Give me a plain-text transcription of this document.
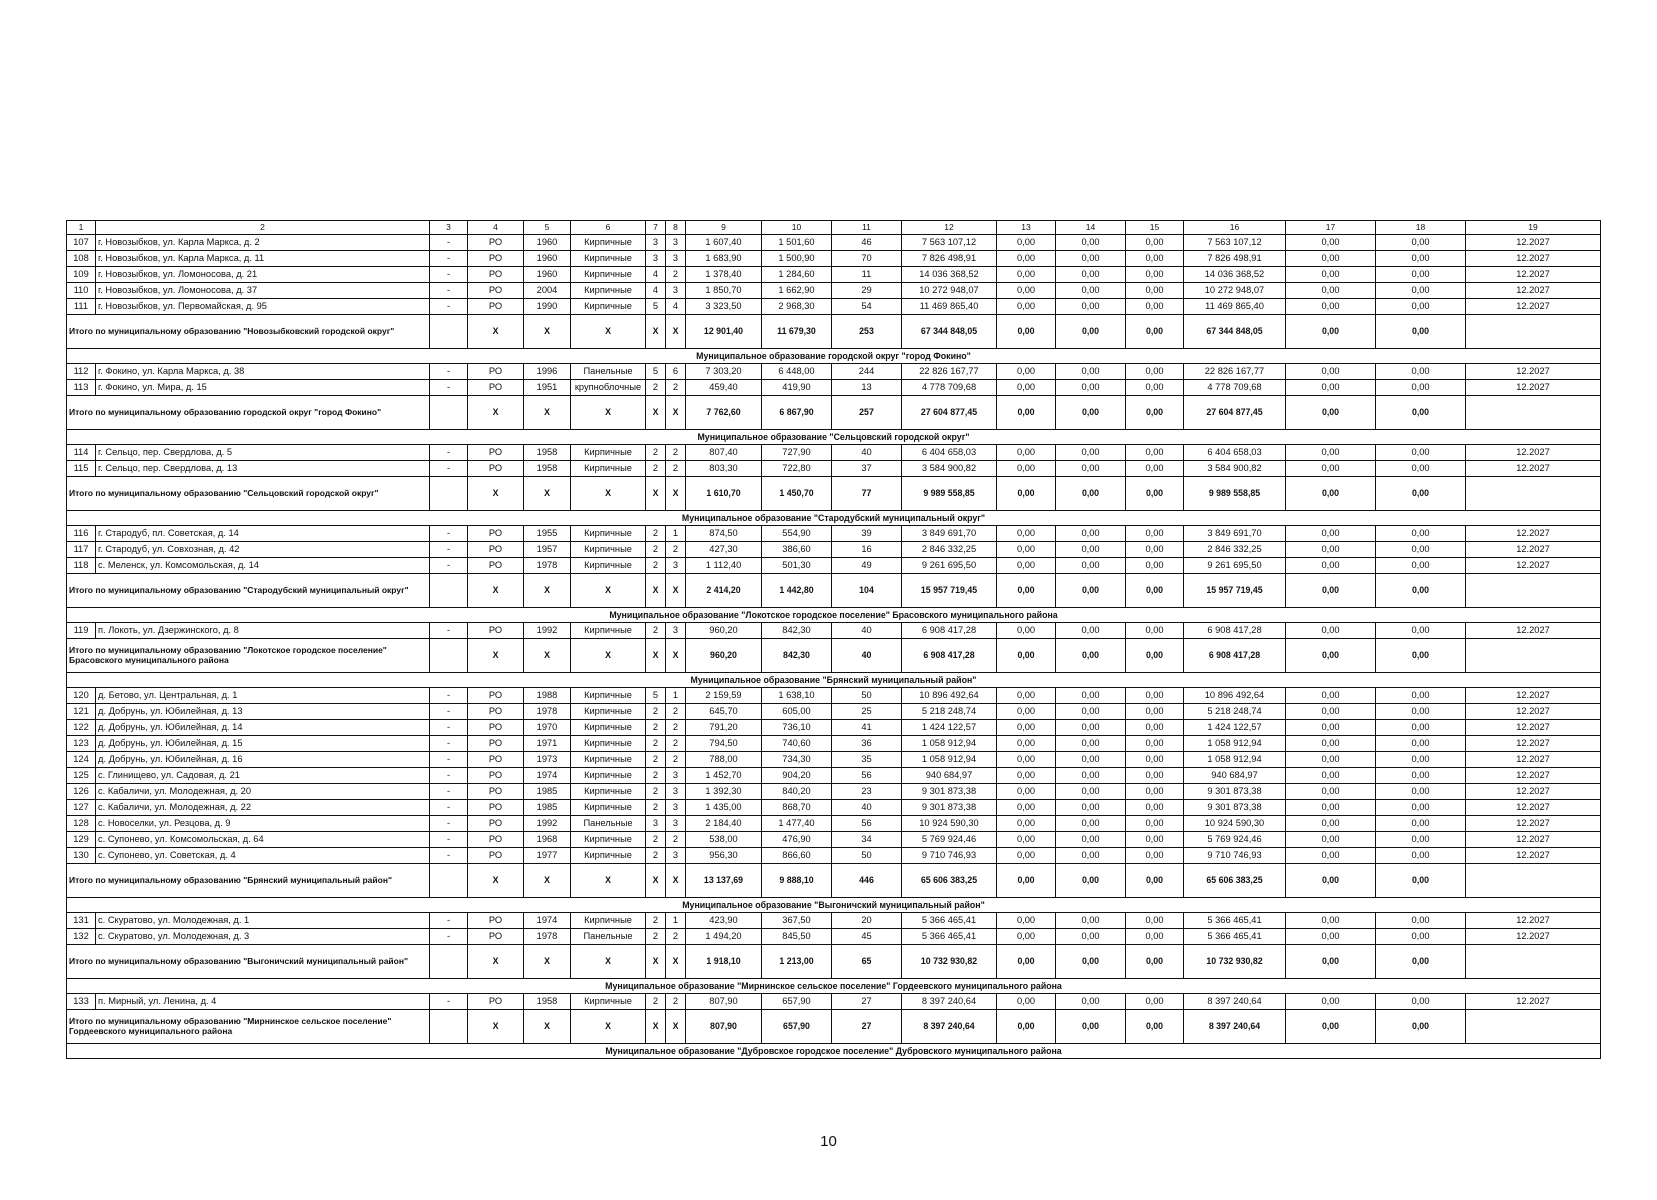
1	2	3	4	5	6	7	8	9	10	11	12	13	14	15	16	17	18	19
107	г. Новозыбков, ул. Карла Маркса, д. 2	-	РО	1960	Кирпичные	3	3	1 607,40	1 501,60	46	7 563 107,12	0,00	0,00	0,00	7 563 107,12	0,00	0,00	12.2027
108	г. Новозыбков, ул. Карла Маркса, д. 11	-	РО	1960	Кирпичные	3	3	1 683,90	1 500,90	70	7 826 498,91	0,00	0,00	0,00	7 826 498,91	0,00	0,00	12.2027
109	г. Новозыбков, ул. Ломоносова, д. 21	-	РО	1960	Кирпичные	4	2	1 378,40	1 284,60	11	14 036 368,52	0,00	0,00	0,00	14 036 368,52	0,00	0,00	12.2027
110	г. Новозыбков, ул. Ломоносова, д. 37	-	РО	2004	Кирпичные	4	3	1 850,70	1 662,90	29	10 272 948,07	0,00	0,00	0,00	10 272 948,07	0,00	0,00	12.2027
111	г. Новозыбков, ул. Первомайская, д. 95	-	РО	1990	Кирпичные	5	4	3 323,50	2 968,30	54	11 469 865,40	0,00	0,00	0,00	11 469 865,40	0,00	0,00	12.2027
Итого по муниципальному образованию "Новозыбковский городской округ"			X	X	X	X	X	12 901,40	11 679,30	253	67 344 848,05	0,00	0,00	0,00	67 344 848,05	0,00	0,00	
Муниципальное образование городской округ "город Фокино"																		
112	г. Фокино, ул. Карла Маркса, д. 38	-	РО	1996	Панельные	5	6	7 303,20	6 448,00	244	22 826 167,77	0,00	0,00	0,00	22 826 167,77	0,00	0,00	12.2027
113	г. Фокино, ул. Мира, д. 15	-	РО	1951	крупноблочные	2	2	459,40	419,90	13	4 778 709,68	0,00	0,00	0,00	4 778 709,68	0,00	0,00	12.2027
Итого по муниципальному образованию городской округ "город Фокино"			X	X	X	X	X	7 762,60	6 867,90	257	27 604 877,45	0,00	0,00	0,00	27 604 877,45	0,00	0,00	
Муниципальное образование "Сельцовский городской округ"																		
114	г. Сельцо, пер. Свердлова, д. 5	-	РО	1958	Кирпичные	2	2	807,40	727,90	40	6 404 658,03	0,00	0,00	0,00	6 404 658,03	0,00	0,00	12.2027
115	г. Сельцо, пер. Свердлова, д. 13	-	РО	1958	Кирпичные	2	2	803,30	722,80	37	3 584 900,82	0,00	0,00	0,00	3 584 900,82	0,00	0,00	12.2027
Итого по муниципальному образованию "Сельцовский городской округ"			X	X	X	X	X	1 610,70	1 450,70	77	9 989 558,85	0,00	0,00	0,00	9 989 558,85	0,00	0,00	
Муниципальное образование "Стародубский муниципальный округ"																		
116	г. Стародуб, пл. Советская, д. 14	-	РО	1955	Кирпичные	2	1	874,50	554,90	39	3 849 691,70	0,00	0,00	0,00	3 849 691,70	0,00	0,00	12.2027
117	г. Стародуб, ул. Совхозная, д. 42	-	РО	1957	Кирпичные	2	2	427,30	386,60	16	2 846 332,25	0,00	0,00	0,00	2 846 332,25	0,00	0,00	12.2027
118	с. Меленск, ул. Комсомольская, д. 14	-	РО	1978	Кирпичные	2	3	1 112,40	501,30	49	9 261 695,50	0,00	0,00	0,00	9 261 695,50	0,00	0,00	12.2027
Итого по муниципальному образованию "Стародубский муниципальный округ"			X	X	X	X	X	2 414,20	1 442,80	104	15 957 719,45	0,00	0,00	0,00	15 957 719,45	0,00	0,00	
Муниципальное образование "Локотское городское поселение" Брасовского муниципального района																		
119	п. Локоть, ул. Дзержинского, д. 8	-	РО	1992	Кирпичные	2	3	960,20	842,30	40	6 908 417,28	0,00	0,00	0,00	6 908 417,28	0,00	0,00	12.2027
Итого по муниципальному образованию "Локотское городское поселение" Брасовского муниципального района			X	X	X	X	X	960,20	842,30	40	6 908 417,28	0,00	0,00	0,00	6 908 417,28	0,00	0,00	
Муниципальное образование "Брянский муниципальный район"																		
120	д. Бетово, ул. Центральная, д. 1	-	РО	1988	Кирпичные	5	1	2 159,59	1 638,10	50	10 896 492,64	0,00	0,00	0,00	10 896 492,64	0,00	0,00	12.2027
121	д. Добрунь, ул. Юбилейная, д. 13	-	РО	1978	Кирпичные	2	2	645,70	605,00	25	5 218 248,74	0,00	0,00	0,00	5 218 248,74	0,00	0,00	12.2027
122	д. Добрунь, ул. Юбилейная, д. 14	-	РО	1970	Кирпичные	2	2	791,20	736,10	41	1 424 122,57	0,00	0,00	0,00	1 424 122,57	0,00	0,00	12.2027
123	д. Добрунь, ул. Юбилейная, д. 15	-	РО	1971	Кирпичные	2	2	794,50	740,60	36	1 058 912,94	0,00	0,00	0,00	1 058 912,94	0,00	0,00	12.2027
124	д. Добрунь, ул. Юбилейная, д. 16	-	РО	1973	Кирпичные	2	2	788,00	734,30	35	1 058 912,94	0,00	0,00	0,00	1 058 912,94	0,00	0,00	12.2027
125	с. Глинищево, ул. Садовая, д. 21	-	РО	1974	Кирпичные	2	3	1 452,70	904,20	56	940 684,97	0,00	0,00	0,00	940 684,97	0,00	0,00	12.2027
126	с. Кабаличи, ул. Молодежная, д. 20	-	РО	1985	Кирпичные	2	3	1 392,30	840,20	23	9 301 873,38	0,00	0,00	0,00	9 301 873,38	0,00	0,00	12.2027
127	с. Кабаличи, ул. Молодежная, д. 22	-	РО	1985	Кирпичные	2	3	1 435,00	868,70	40	9 301 873,38	0,00	0,00	0,00	9 301 873,38	0,00	0,00	12.2027
128	с. Новоселки, ул. Резцова, д. 9	-	РО	1992	Панельные	3	3	2 184,40	1 477,40	56	10 924 590,30	0,00	0,00	0,00	10 924 590,30	0,00	0,00	12.2027
129	с. Супонево, ул. Комсомольская, д. 64	-	РО	1968	Кирпичные	2	2	538,00	476,90	34	5 769 924,46	0,00	0,00	0,00	5 769 924,46	0,00	0,00	12.2027
130	с. Супонево, ул. Советская, д. 4	-	РО	1977	Кирпичные	2	3	956,30	866,60	50	9 710 746,93	0,00	0,00	0,00	9 710 746,93	0,00	0,00	12.2027
Итого по муниципальному образованию "Брянский муниципальный район"			X	X	X	X	X	13 137,69	9 888,10	446	65 606 383,25	0,00	0,00	0,00	65 606 383,25	0,00	0,00	
Муниципальное образование "Выгоничский муниципальный район"																		
131	с. Скуратово, ул. Молодежная, д. 1	-	РО	1974	Кирпичные	2	1	423,90	367,50	20	5 366 465,41	0,00	0,00	0,00	5 366 465,41	0,00	0,00	12.2027
132	с. Скуратово, ул. Молодежная, д. 3	-	РО	1978	Панельные	2	2	1 494,20	845,50	45	5 366 465,41	0,00	0,00	0,00	5 366 465,41	0,00	0,00	12.2027
Итого по муниципальному образованию "Выгоничский муниципальный район"			X	X	X	X	X	1 918,10	1 213,00	65	10 732 930,82	0,00	0,00	0,00	10 732 930,82	0,00	0,00	
Муниципальное образование "Мирнинское сельское поселение" Гордеевского муниципального района																		
133	п. Мирный, ул. Ленина, д. 4	-	РО	1958	Кирпичные	2	2	807,90	657,90	27	8 397 240,64	0,00	0,00	0,00	8 397 240,64	0,00	0,00	12.2027
Итого по муниципальному образованию "Мирнинское сельское поселение" Гордеевского муниципального района			X	X	X	X	X	807,90	657,90	27	8 397 240,64	0,00	0,00	0,00	8 397 240,64	0,00	0,00	
Муниципальное образование "Дубровское городское поселение" Дубровского муниципального района																		
10
